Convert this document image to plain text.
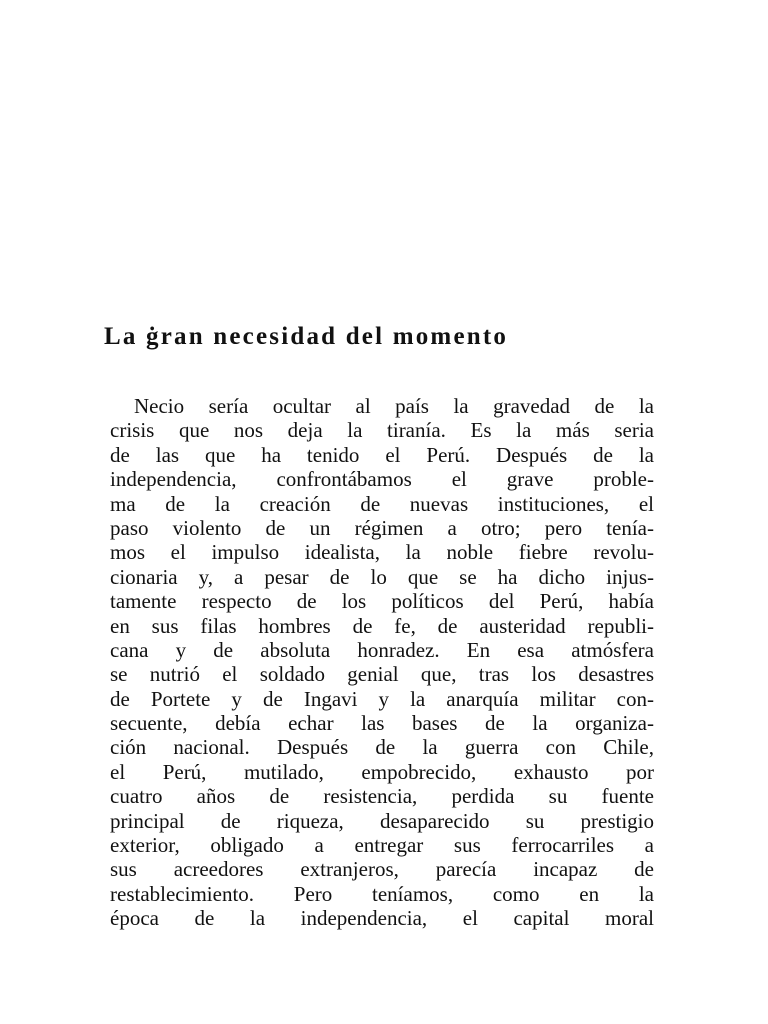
La ġran necesidad del momento
Necio sería ocultar al país la gravedad de la
crisis que nos deja la tiranía. Es la más seria
de las que ha tenido el Perú. Después de la
independencia, confrontábamos el grave proble-
ma de la creación de nuevas instituciones, el
paso violento de un régimen a otro; pero tenía-
mos el impulso idealista, la noble fiebre revolu-
cionaria y, a pesar de lo que se ha dicho injus-
tamente respecto de los políticos del Perú, había
en sus filas hombres de fe, de austeridad republi-
cana y de absoluta honradez. En esa atmósfera
se nutrió el soldado genial que, tras los desastres
de Portete y de Ingavi y la anarquía militar con-
secuente, debía echar las bases de la organiza-
ción nacional. Después de la guerra con Chile,
el Perú, mutilado, empobrecido, exhausto por
cuatro años de resistencia, perdida su fuente
principal de riqueza, desaparecido su prestigio
exterior, obligado a entregar sus ferrocarriles a
sus acreedores extranjeros, parecía incapaz de
restablecimiento. Pero teníamos, como en la
época de la independencia, el capital moral
